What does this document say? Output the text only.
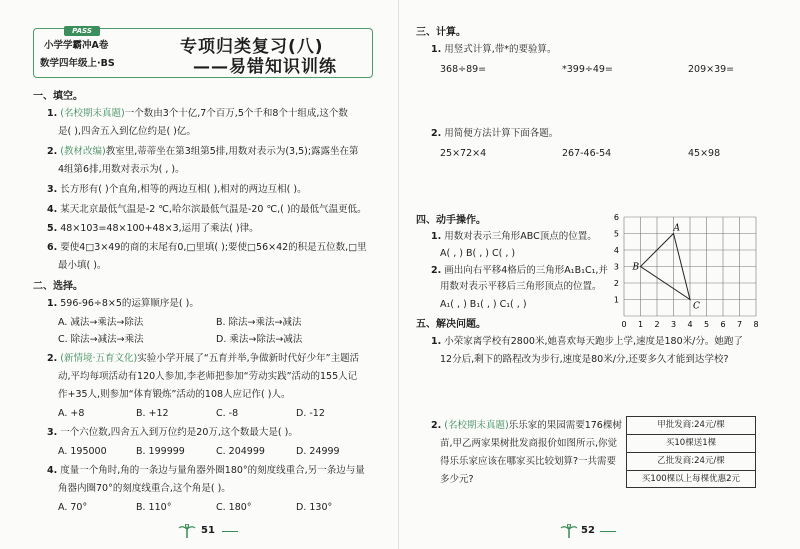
PASS
小学学霸冲A卷
数学四年级上·BS
专项归类复习(八)
——易错知识训练
一、填空。
1. (名校期末真题)一个数由3个十亿,7个百万,5个千和8个十组成,这个数
是( ),四舍五入到亿位约是( )亿。
2. (教材改编)教室里,蒂蒂坐在第3组第5排,用数对表示为(3,5);露露坐在第
4组第6排,用数对表示为( , )。
3. 长方形有( )个直角,相等的两边互相( ),相对的两边互相( )。
4. 某天北京最低气温是-2 ℃,哈尔滨最低气温是-20 ℃,( )的最低气温更低。
5. 48×103=48×100+48×3,运用了乘法( )律。
6. 要使4□3×49的商的末尾有0,□里填( );要使□56×42的积是五位数,□里
最小填( )。
二、选择。
1. 596-96÷8×5的运算顺序是( )。
A. 减法→乘法→除法	B. 除法→乘法→减法
C. 除法→减法→乘法	D. 乘法→除法→减法
2. (新情境·五育文化)实验小学开展了“五育并举,争做新时代好少年”主题活
动,平均每项活动有120人参加,李老师把参加“劳动实践”活动的155人记
作+35人,则参加“体育锻炼”活动的108人应记作( )人。
A. +8	B. +12	C. -8	D. -12
3. 一个六位数,四舍五入到万位约是20万,这个数最大是( )。
A. 195000	B. 199999	C. 204999	D. 24999
4. 度量一个角时,角的一条边与量角器外圈180°的刻度线重合,另一条边与量
角器内圈70°的刻度线重合,这个角是( )。
A. 70°	B. 110°	C. 180°	D. 130°
51
三、计算。
1. 用竖式计算,带*的要验算。
368÷89=	*399÷49=	209×39=
2. 用简便方法计算下面各题。
25×72×4	267-46-54	45×98
四、动手操作。
1. 用数对表示三角形ABC顶点的位置。
A( , ) B( , ) C( , )
2. 画出向右平移4格后的三角形A₁B₁C₁,并
用数对表示平移后三角形顶点的位置。
A₁( , ) B₁( , ) C₁( , )
0 1 2 3 4 5 6 7 8
1
2
3
4
5
6
A
B
C
五、解决问题。
1. 小荣家离学校有2800米,她喜欢每天跑步上学,速度是180米/分。她跑了
12分后,剩下的路程改为步行,速度是80米/分,还要多久才能到达学校?
2. (名校期末真题)乐乐家的果园需要176棵树
苗,甲乙两家果树批发商报价如图所示,你觉
得乐乐家应该在哪家买比较划算?一共需要
多少元?
甲批发商:24元/棵
买10棵送1棵
乙批发商:24元/棵
买100棵以上每棵优惠2元
52
